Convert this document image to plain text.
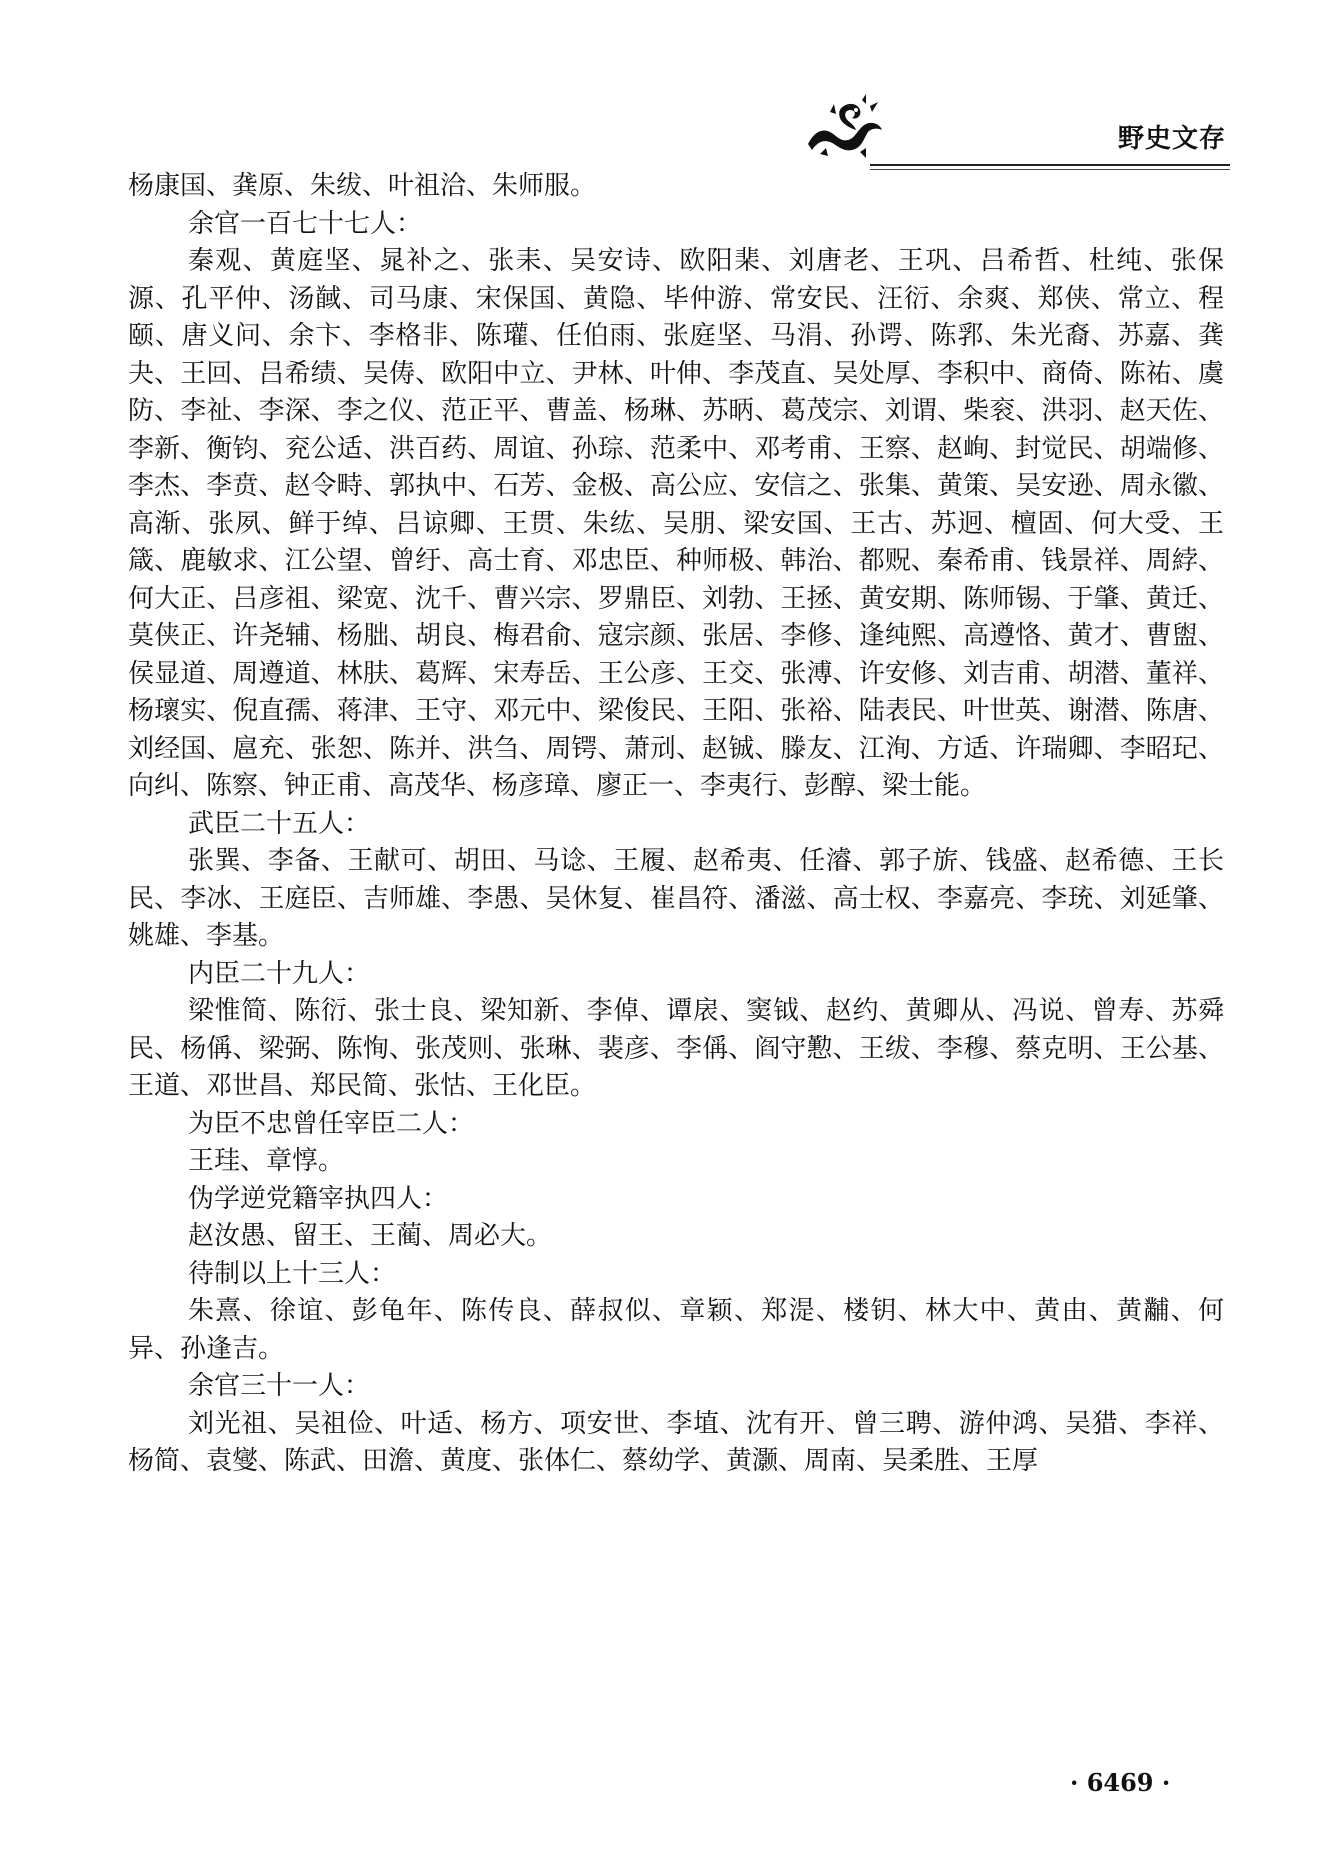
野史文存

杨康国、龚原、朱绂、叶祖洽、朱师服。

余官一百七十七人：

秦观、黄庭坚、晁补之、张耒、吴安诗、欧阳棐、刘唐老、王巩、吕希哲、杜纯、张保源、孔平仲、汤馘、司马康、宋保国、黄隐、毕仲游、常安民、汪衍、余爽、郑侠、常立、程颐、唐义问、余卞、李格非、陈瓘、任伯雨、张庭坚、马涓、孙谔、陈郛、朱光裔、苏嘉、龚夬、王回、吕希绩、吴俦、欧阳中立、尹林、叶伸、李茂直、吴处厚、李积中、商倚、陈祐、虞防、李祉、李深、李之仪、范正平、曹盖、杨琳、苏昞、葛茂宗、刘谓、柴衮、洪羽、赵天佐、李新、衡钧、兖公适、洪百药、周谊、孙琮、范柔中、邓考甫、王察、赵峋、封觉民、胡端修、李杰、李贲、赵令畤、郭执中、石芳、金极、高公应、安信之、张集、黄策、吴安逊、周永徽、高渐、张夙、鲜于绰、吕谅卿、王贯、朱纮、吴朋、梁安国、王古、苏迥、檀固、何大受、王箴、鹿敏求、江公望、曾纡、高士育、邓忠臣、种师极、韩治、都贶、秦希甫、钱景祥、周綍、何大正、吕彦祖、梁宽、沈千、曹兴宗、罗鼎臣、刘勃、王拯、黄安期、陈师锡、于肇、黄迁、莫侠正、许尧辅、杨朏、胡良、梅君俞、寇宗颜、张居、李修、逢纯熙、高遵恪、黄才、曹盥、侯显道、周遵道、林肤、葛辉、宋寿岳、王公彦、王交、张溥、许安修、刘吉甫、胡潜、董祥、杨瓌实、倪直孺、蒋津、王守、邓元中、梁俊民、王阳、张裕、陆表民、叶世英、谢潜、陈唐、刘经国、扈充、张恕、陈并、洪刍、周锷、萧刓、赵铖、滕友、江洵、方适、许瑞卿、李昭玘、向纠、陈察、钟正甫、高茂华、杨彦璋、廖正一、李夷行、彭醇、梁士能。

武臣二十五人：

张巽、李备、王献可、胡田、马谂、王履、赵希夷、任濬、郭子旂、钱盛、赵希德、王长民、李冰、王庭臣、吉师雄、李愚、吴休复、崔昌符、潘滋、高士权、李嘉亮、李珫、刘延肇、姚雄、李基。

内臣二十九人：

梁惟简、陈衍、张士良、梁知新、李倬、谭扆、窦钺、赵约、黄卿从、冯说、曾寿、苏舜民、杨偁、梁弼、陈恂、张茂则、张琳、裴彦、李偁、阎守懃、王绂、李穆、蔡克明、王公基、王道、邓世昌、郑民简、张怙、王化臣。

为臣不忠曾任宰臣二人：

王珪、章惇。

伪学逆党籍宰执四人：

赵汝愚、留王、王蔺、周必大。

待制以上十三人：

朱熹、徐谊、彭龟年、陈传良、薛叔似、章颖、郑湜、楼钥、林大中、黄由、黄黼、何异、孙逢吉。

余官三十一人：

刘光祖、吴祖俭、叶适、杨方、项安世、李埴、沈有开、曾三聘、游仲鸿、吴猎、李祥、杨简、袁燮、陈武、田澹、黄度、张体仁、蔡幼学、黄灏、周南、吴柔胜、王厚

· 6469 ·
